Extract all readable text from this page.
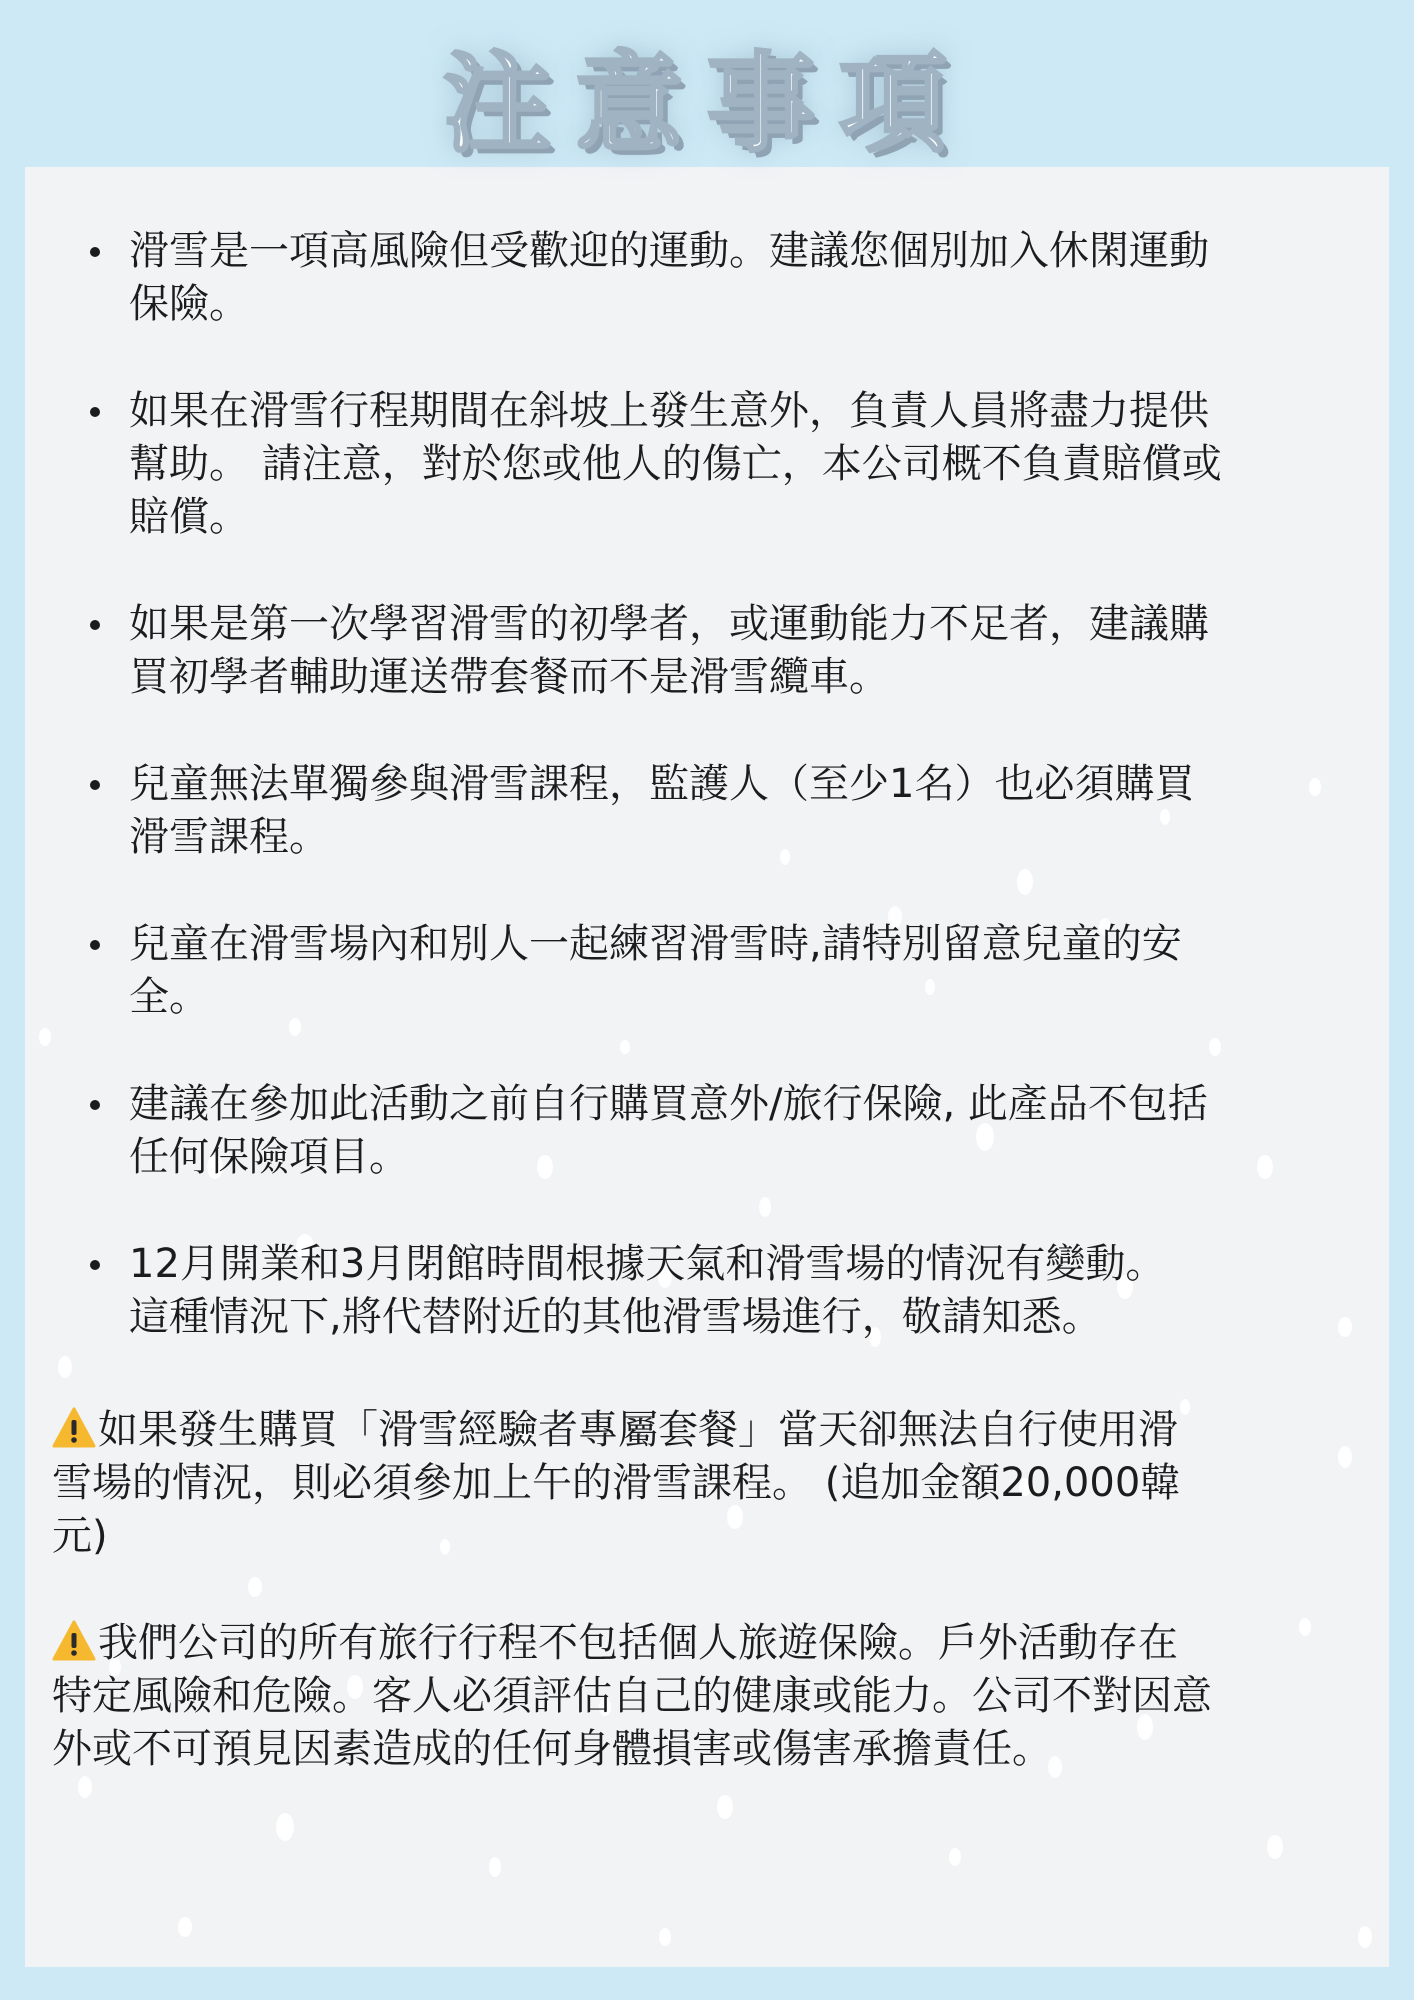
注意事項
滑雪是一項高風險但受歡迎的運動。建議您個別加入休閑運動
保險。
如果在滑雪行程期間在斜坡上發生意外，負責人員將盡力提供
幫助。 請注意，對於您或他人的傷亡，本公司概不負責賠償或
賠償。
如果是第一次學習滑雪的初學者，或運動能力不足者，建議購
買初學者輔助運送帶套餐而不是滑雪纜車。
兒童無法單獨參與滑雪課程，監護人（至少1名）也必須購買
滑雪課程。
兒童在滑雪場內和別人一起練習滑雪時,請特別留意兒童的安
全。
建議在參加此活動之前自行購買意外/旅行保險, 此產品不包括
任何保險項目。
12月開業和3月閉館時間根據天氣和滑雪場的情況有變動。
這種情況下,將代替附近的其他滑雪場進行，敬請知悉。
如果發生購買「滑雪經驗者專屬套餐」當天卻無法自行使用滑
雪場的情況，則必須參加上午的滑雪課程。 (追加金額20,000韓
元)
我們公司的所有旅行行程不包括個人旅遊保險。戶外活動存在
特定風險和危險。客人必須評估自己的健康或能力。公司不對因意
外或不可預見因素造成的任何身體損害或傷害承擔責任。
